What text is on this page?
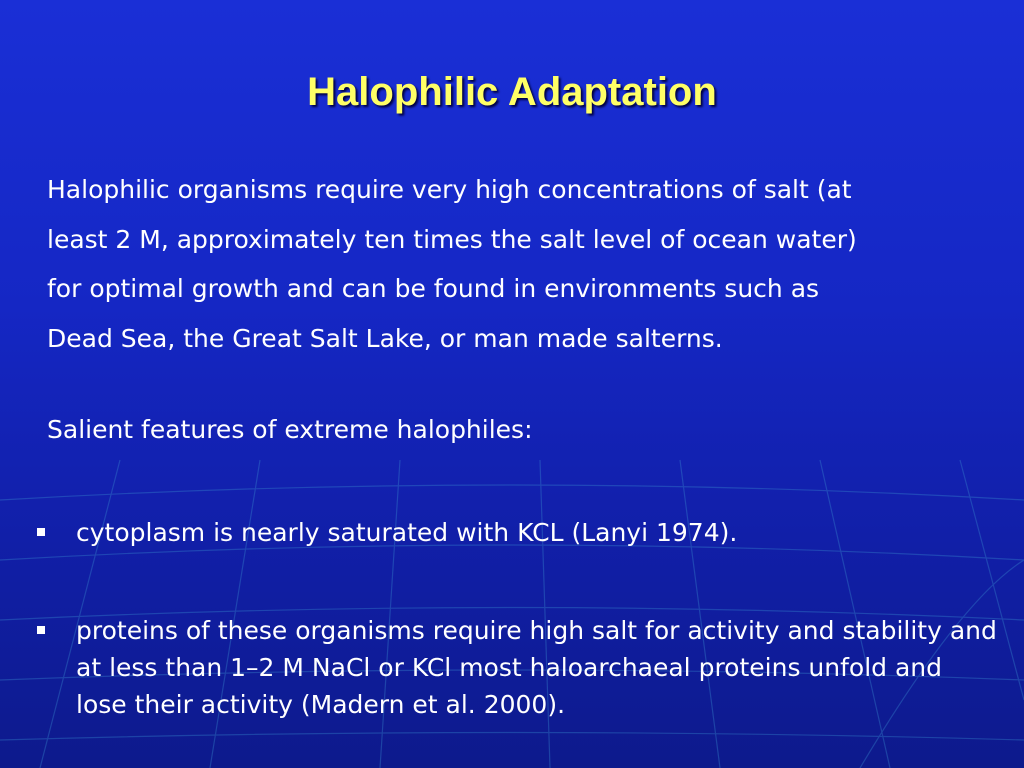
Halophilic Adaptation
Halophilic organisms require very high concentrations of salt (at
least 2 M, approximately ten times the salt level of ocean water)
for optimal growth and can be found in environments such as
Dead Sea, the Great Salt Lake, or man made salterns.

Salient features of extreme halophiles:

cytoplasm is nearly saturated with KCL (Lanyi 1974).
proteins of these organisms require high salt for activity and stability and at less than 1–2 M NaCl or KCl most haloarchaeal proteins unfold and lose their activity (Madern et al. 2000).
